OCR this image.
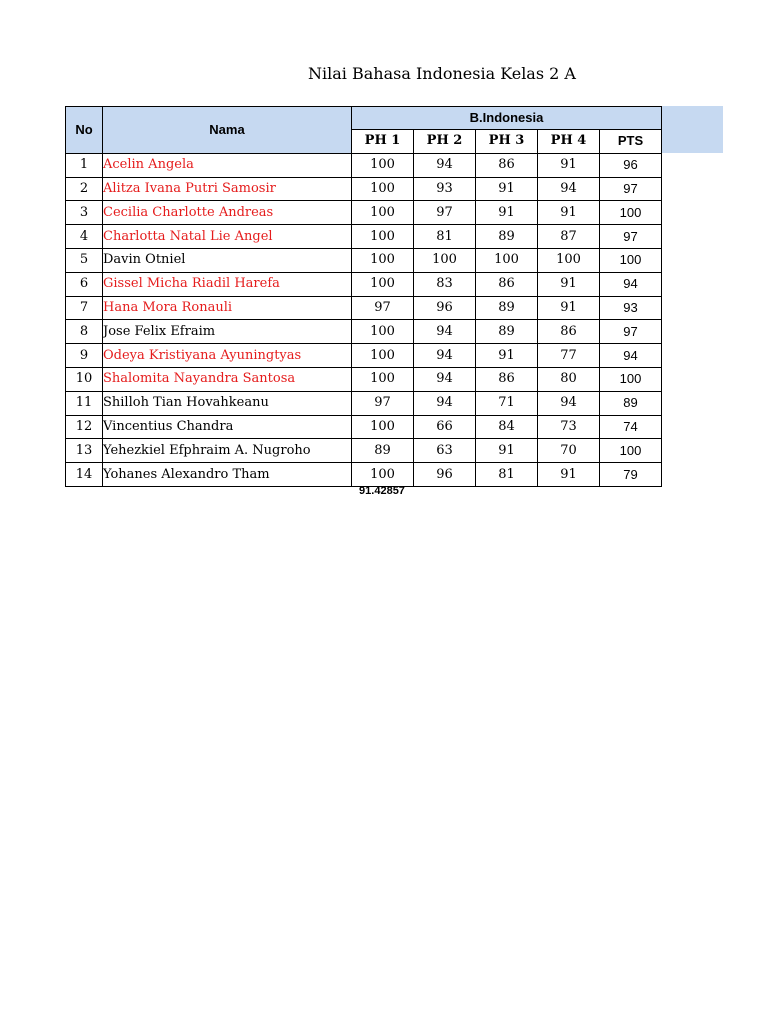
Nilai Bahasa Indonesia Kelas 2 A
No	Nama	B.Indonesia				
		PH 1	PH 2	PH 3	PH 4	PTS
1	Acelin Angela	100	94	86	91	96
2	Alitza Ivana Putri Samosir	100	93	91	94	97
3	Cecilia Charlotte Andreas	100	97	91	91	100
4	Charlotta Natal Lie Angel	100	81	89	87	97
5	Davin Otniel	100	100	100	100	100
6	Gissel Micha Riadil Harefa	100	83	86	91	94
7	Hana Mora Ronauli	97	96	89	91	93
8	Jose Felix Efraim	100	94	89	86	97
9	Odeya Kristiyana Ayuningtyas	100	94	91	77	94
10	Shalomita Nayandra Santosa	100	94	86	80	100
11	Shilloh Tian Hovahkeanu	97	94	71	94	89
12	Vincentius Chandra	100	66	84	73	74
13	Yehezkiel Efphraim A. Nugroho	89	63	91	70	100
14	Yohanes Alexandro Tham	100	96	81	91	79
91.42857
